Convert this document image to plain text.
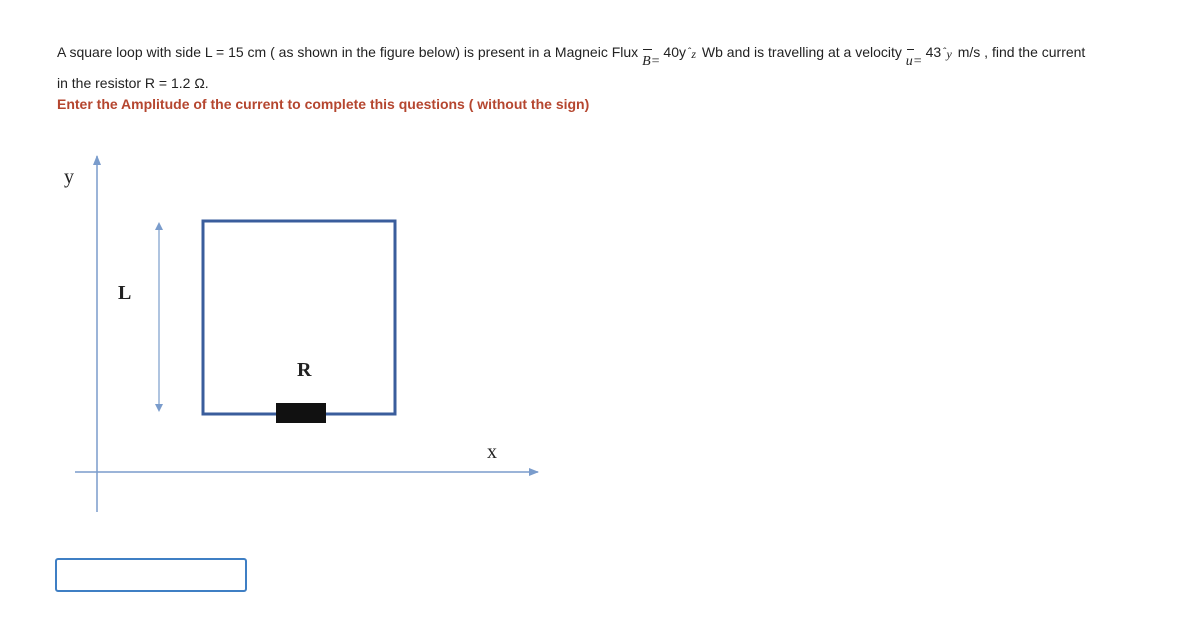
A square loop with side L = 15 cm ( as shown in the figure below) is present in a Magneic Flux
B= 40y ˆz Wb and is travelling at a velocity
u= 43 ˆy m/s , find the current
in the resistor R = 1.2 Ω.
Enter the Amplitude of the current to complete this questions ( without the sign)
y
x
L
R
